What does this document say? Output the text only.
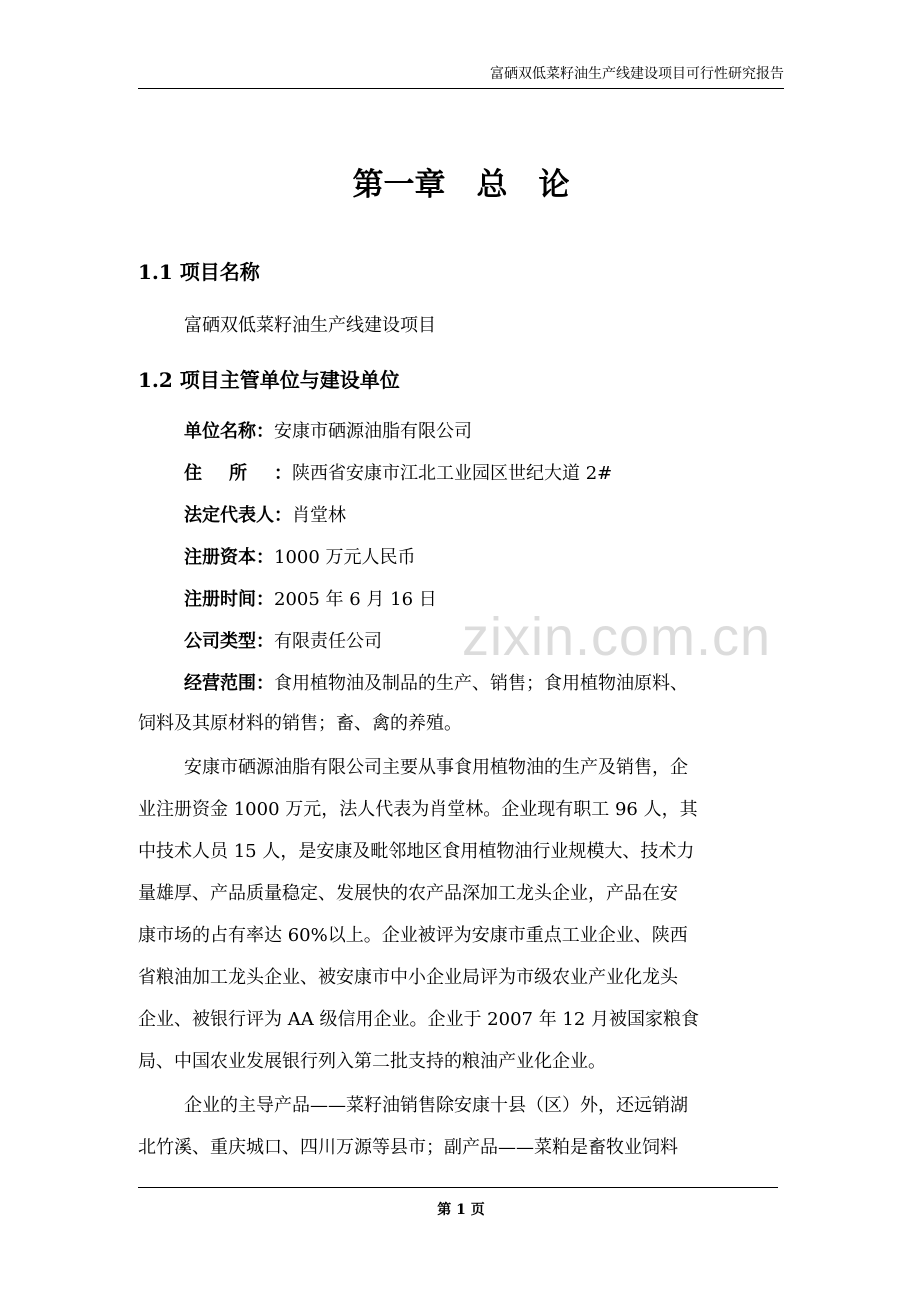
富硒双低菜籽油生产线建设项目可行性研究报告
第一章　总　论
1.1 项目名称
富硒双低菜籽油生产线建设项目
1.2 项目主管单位与建设单位
单位名称：安康市硒源油脂有限公司
住所：陕西省安康市江北工业园区世纪大道 2#
法定代表人：肖堂林
注册资本：1000 万元人民币
注册时间：2005 年 6 月 16 日
公司类型：有限责任公司
经营范围：食用植物油及制品的生产、销售；食用植物油原料、
饲料及其原材料的销售；畜、禽的养殖。
zixin.com.cn
安康市硒源油脂有限公司主要从事食用植物油的生产及销售，企
业注册资金 1000 万元，法人代表为肖堂林。企业现有职工 96 人，其
中技术人员 15 人，是安康及毗邻地区食用植物油行业规模大、技术力
量雄厚、产品质量稳定、发展快的农产品深加工龙头企业，产品在安
康市场的占有率达 60%以上。企业被评为安康市重点工业企业、陕西
省粮油加工龙头企业、被安康市中小企业局评为市级农业产业化龙头
企业、被银行评为 AA 级信用企业。企业于 2007 年 12 月被国家粮食
局、中国农业发展银行列入第二批支持的粮油产业化企业。
企业的主导产品——菜籽油销售除安康十县（区）外，还远销湖
北竹溪、重庆城口、四川万源等县市；副产品——菜粕是畜牧业饲料
第 1 页
